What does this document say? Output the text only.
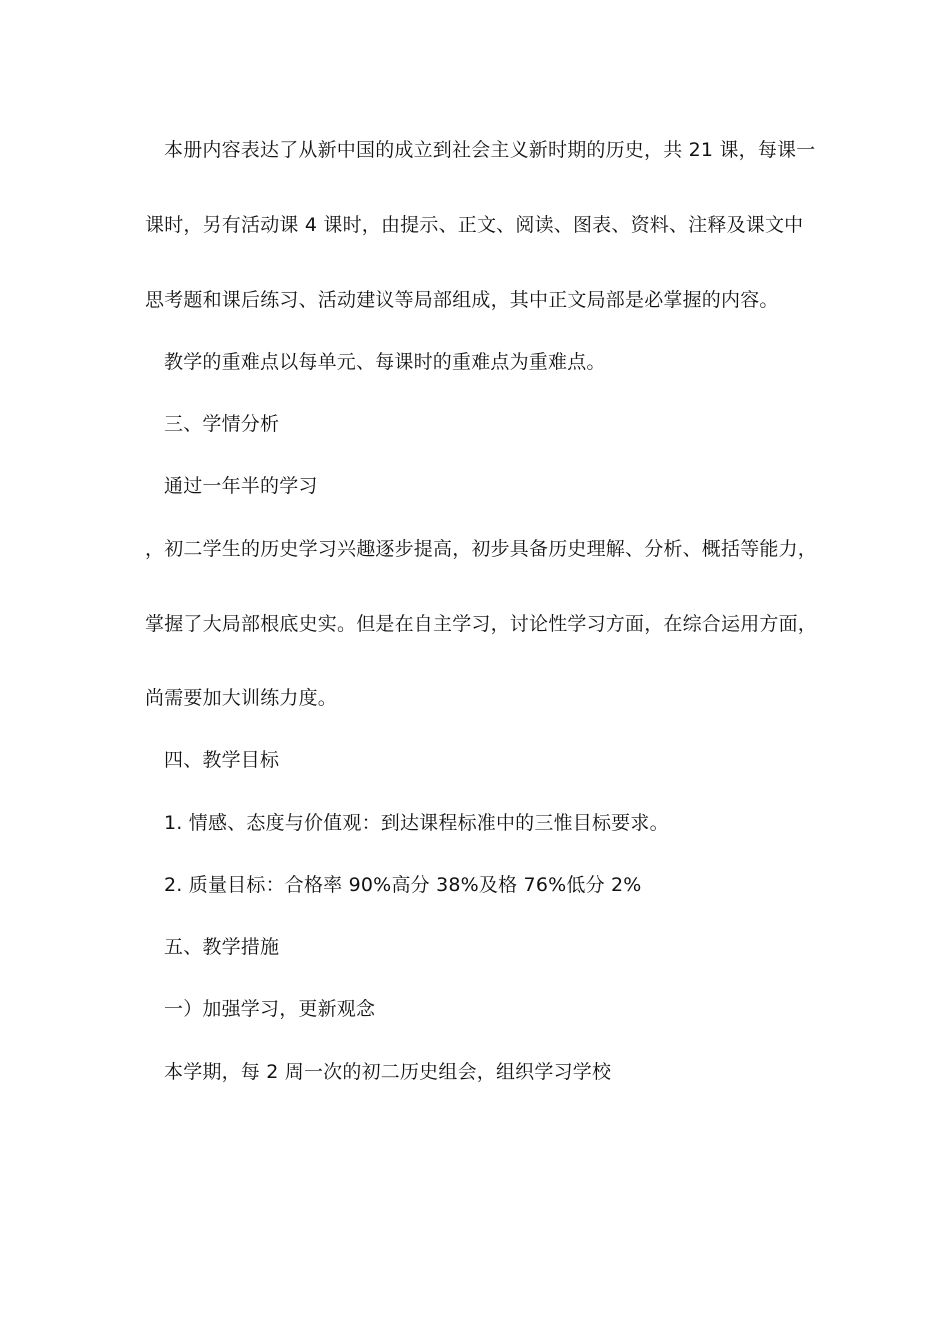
本册内容表达了从新中国的成立到社会主义新时期的历史，共 21 课，每课一
课时，另有活动课 4 课时，由提示、正文、阅读、图表、资料、注释及课文中
思考题和课后练习、活动建议等局部组成，其中正文局部是必掌握的内容。
教学的重难点以每单元、每课时的重难点为重难点。
三、学情分析
通过一年半的学习
，初二学生的历史学习兴趣逐步提高，初步具备历史理解、分析、概括等能力，
掌握了大局部根底史实。但是在自主学习，讨论性学习方面，在综合运用方面，
尚需要加大训练力度。
四、教学目标
1. 情感、态度与价值观：到达课程标准中的三惟目标要求。
2. 质量目标：合格率 90%高分 38%及格 76%低分 2%
五、教学措施
一）加强学习，更新观念
本学期，每 2 周一次的初二历史组会，组织学习学校
